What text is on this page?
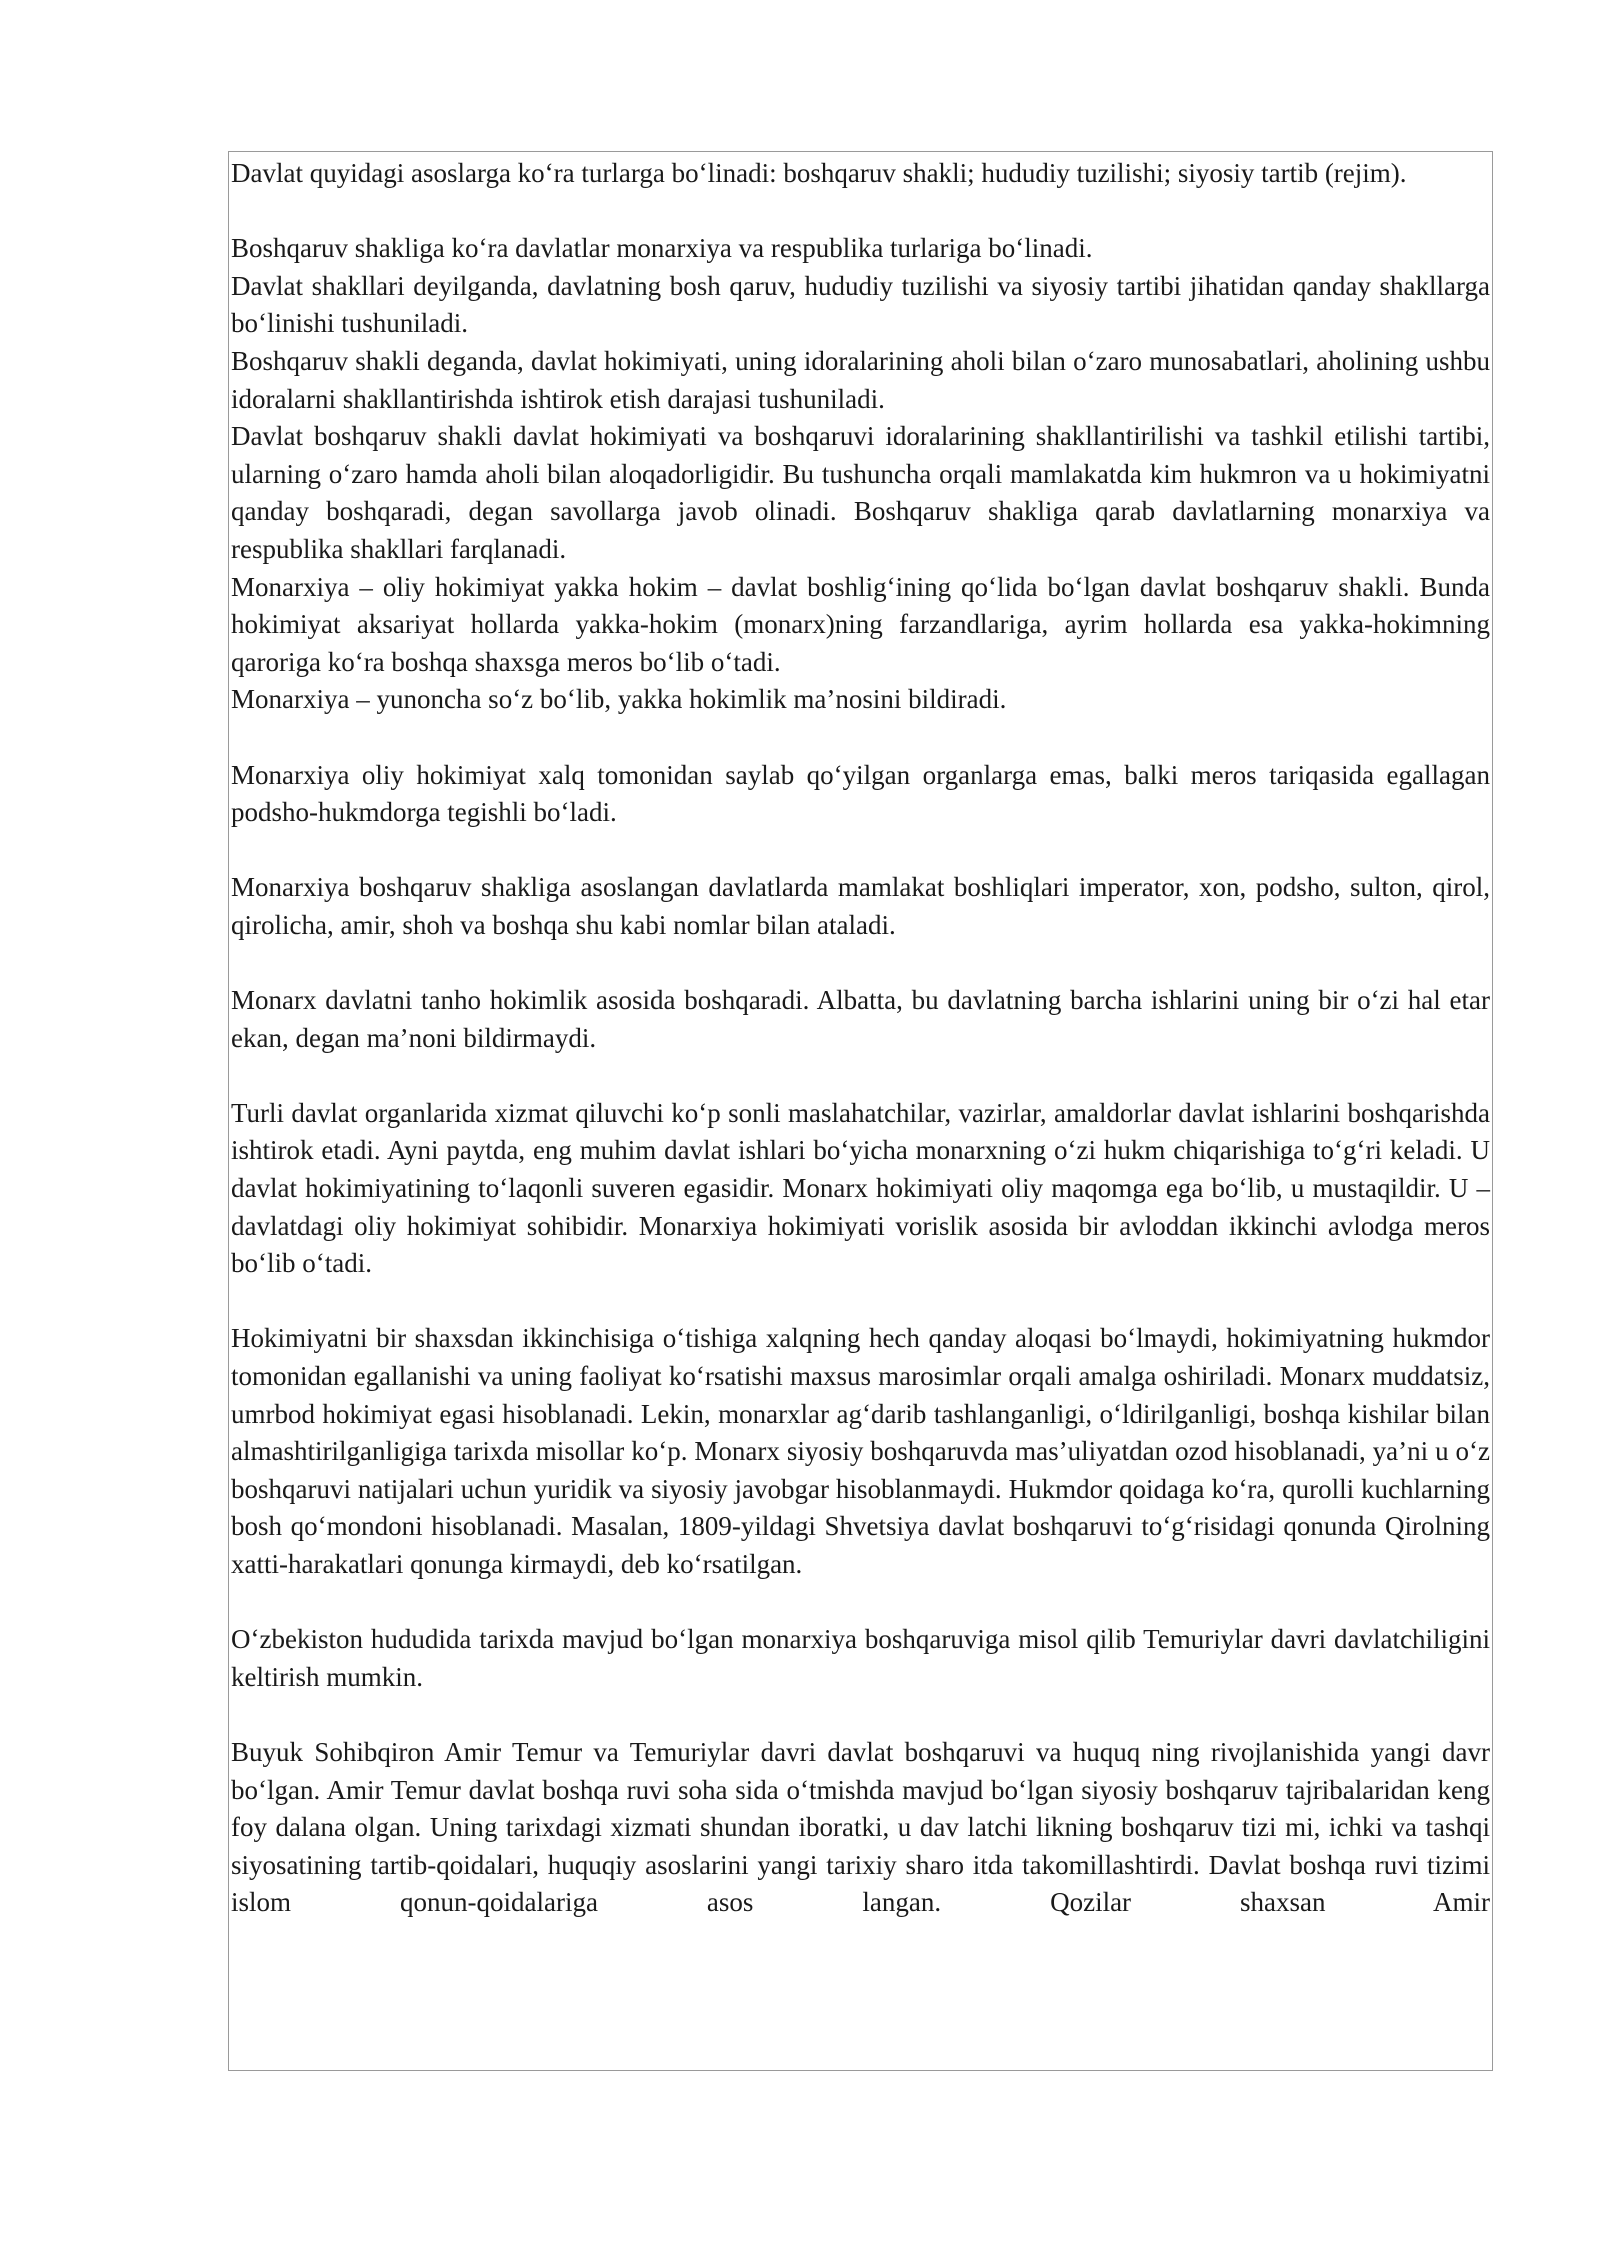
Davlat quyidagi asoslarga ko‘ra turlarga bo‘linadi: boshqaruv shakli; hududiy tuzilishi; siyosiy tartib (rejim).

Boshqaruv shakliga ko‘ra davlatlar monarxiya va respublika turlariga bo‘linadi.

Davlat shakllari deyilganda, davlatning bosh qaruv, hududiy tuzilishi va siyosiy tartibi jihatidan qanday shakllarga bo‘linishi tushuniladi.

Boshqaruv shakli deganda, davlat hokimiyati, uning idoralarining aholi bilan o‘zaro munosabatlari, aholining ushbu idoralarni shakllantirishda ishtirok etish darajasi tushuniladi.

Davlat boshqaruv shakli davlat hokimiyati va boshqaruvi idoralarining shakllantirilishi va tashkil etilishi tartibi, ularning o‘zaro hamda aholi bilan aloqadorligidir. Bu tushuncha orqali mamlakatda kim hukmron va u hokimiyatni qanday boshqaradi, degan savollarga javob olinadi. Boshqaruv shakliga qarab davlatlarning monarxiya va respublika shakllari farqlanadi.

Monarxiya – oliy hokimiyat yakka hokim – davlat boshlig‘ining qo‘lida bo‘lgan davlat boshqaruv shakli. Bunda hokimiyat aksariyat hollarda yakka-hokim (monarx)ning farzandlariga, ayrim hollarda esa yakka-hokimning qaroriga ko‘ra boshqa shaxsga meros bo‘lib o‘tadi.

Monarxiya – yunoncha so‘z bo‘lib, yakka hokimlik ma’nosini bildiradi.

Monarxiya oliy hokimiyat xalq tomonidan saylab qo‘yilgan organlarga emas, balki meros tariqasida egallagan podsho-hukmdorga tegishli bo‘ladi.

Monarxiya boshqaruv shakliga asoslangan davlatlarda mamlakat boshliqlari imperator, xon, podsho, sulton, qirol, qirolicha, amir, shoh va boshqa shu kabi nomlar bilan ataladi.

Monarx davlatni tanho hokimlik asosida boshqaradi. Albatta, bu davlatning barcha ishlarini uning bir o‘zi hal etar ekan, degan ma’noni bildirmaydi.

Turli davlat organlarida xizmat qiluvchi ko‘p sonli maslahatchilar, vazirlar, amaldorlar davlat ishlarini boshqarishda ishtirok etadi. Ayni paytda, eng muhim davlat ishlari bo‘yicha monarxning o‘zi hukm chiqarishiga to‘g‘ri keladi. U davlat hokimiyatining to‘laqonli suveren egasidir. Monarx hokimiyati oliy maqomga ega bo‘lib, u mustaqildir. U – davlatdagi oliy hokimiyat sohibidir. Monarxiya hokimiyati vorislik asosida bir avloddan ikkinchi avlodga meros bo‘lib o‘tadi.

Hokimiyatni bir shaxsdan ikkinchisiga o‘tishiga xalqning hech qanday aloqasi bo‘lmaydi, hokimiyatning hukmdor tomonidan egallanishi va uning faoliyat ko‘rsatishi maxsus marosimlar orqali amalga oshiriladi. Monarx muddatsiz, umrbod hokimiyat egasi hisoblanadi. Lekin, monarxlar ag‘darib tashlanganligi, o‘ldirilganligi, boshqa kishilar bilan almashtirilganligiga tarixda misollar ko‘p. Monarx siyosiy boshqaruvda mas’uliyatdan ozod hisoblanadi, ya’ni u o‘z boshqaruvi natijalari uchun yuridik va siyosiy javobgar hisoblanmaydi. Hukmdor qoidaga ko‘ra, qurolli kuchlarning bosh qo‘mondoni hisoblanadi. Masalan, 1809-yildagi Shvetsiya davlat boshqaruvi to‘g‘risidagi qonunda Qirolning xatti-harakatlari qonunga kirmaydi, deb ko‘rsatilgan.

O‘zbekiston hududida tarixda mavjud bo‘lgan monarxiya boshqaruviga misol qilib Temuriylar davri davlatchiligini keltirish mumkin.

Buyuk Sohibqiron Amir Temur va Temuriylar davri davlat boshqaruvi va huquq ning rivojlanishida yangi davr bo‘lgan. Amir Temur davlat boshqa ruvi soha sida o‘tmishda mavjud bo‘lgan siyosiy boshqaruv tajribalaridan keng foy dalana olgan. Uning tarixdagi xizmati shundan iboratki, u dav latchi likning boshqaruv tizi mi, ichki va tashqi siyosatining tartib-qoidalari, huquqiy asoslarini yangi tarixiy sharo itda takomillashtirdi. Davlat boshqa ruvi tizimi islom qonun-qoidalariga asos langan. Qozilar shaxsan Amir
